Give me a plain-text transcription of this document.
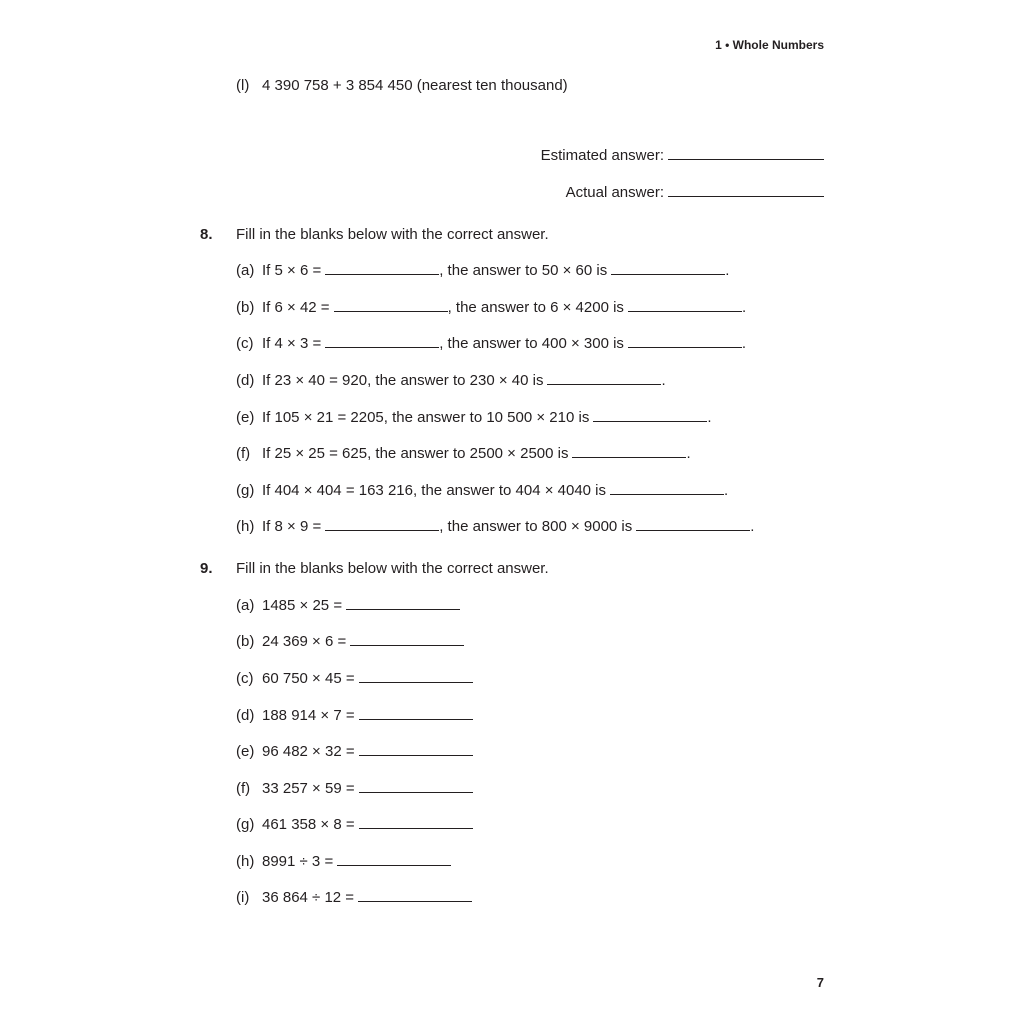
1 • Whole Numbers
(l) 4 390 758 + 3 854 450 (nearest ten thousand)
Estimated answer:
Actual answer:
8. Fill in the blanks below with the correct answer.
(a) If 5 × 6 =	, the answer to 50 × 60 is	.
(b) If 6 × 42 =	, the answer to 6 × 4200 is	.
(c) If 4 × 3 =	, the answer to 400 × 300 is	.
(d) If 23 × 40 = 920, the answer to 230 × 40 is	.
(e) If 105 × 21 = 2205, the answer to 10 500 × 210 is	.
(f) If 25 × 25 = 625, the answer to 2500 × 2500 is	.
(g) If 404 × 404 = 163 216, the answer to 404 × 4040 is	.
(h) If 8 × 9 =	, the answer to 800 × 9000 is	.
9. Fill in the blanks below with the correct answer.
(a) 1485 × 25 =
(b) 24 369 × 6 =
(c) 60 750 × 45 =
(d) 188 914 × 7 =
(e) 96 482 × 32 =
(f) 33 257 × 59 =
(g) 461 358 × 8 =
(h) 8991 ÷ 3 =
(i) 36 864 ÷ 12 =
7
